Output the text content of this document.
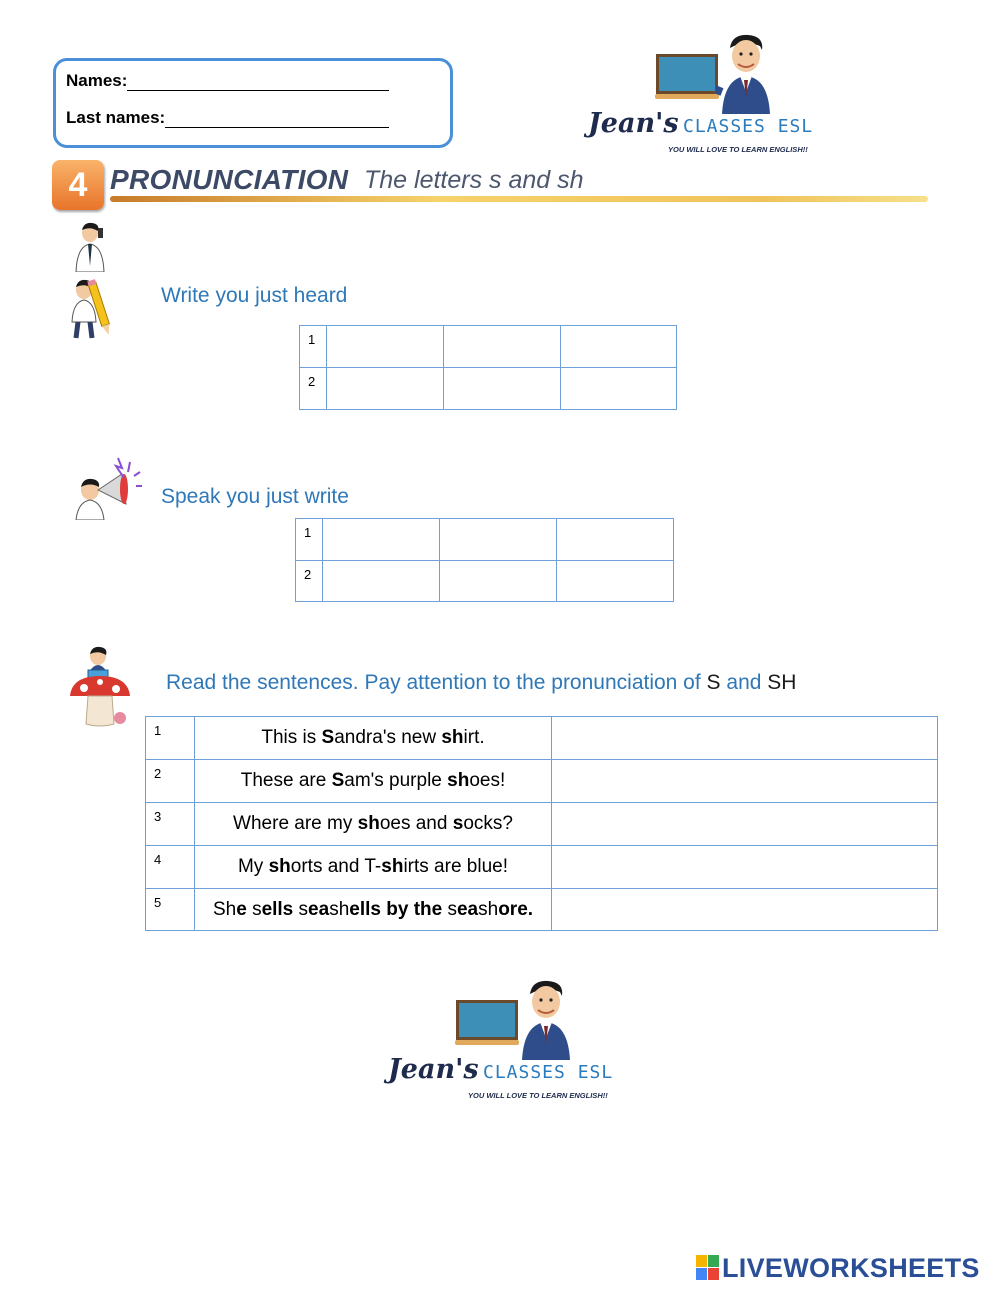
Names:
Last names:	Jean's CLASSES ESL
YOU WILL LOVE TO LEARN ENGLISH!!
4 PRONUNCIATION The letters s and sh
Write you just heard
1			
2			
Speak you just write
1			
2			
Read the sentences. Pay attention to the pronunciation of S and SH
1	This is Sandra's new shirt.	
2	These are Sam's purple shoes!	
3	Where are my shoes and socks?	
4	My shorts and T-shirts are blue!	
5	She sells seashells by the seashore.	
Jean's CLASSES ESL
YOU WILL LOVE TO LEARN ENGLISH!!
LIVEWORKSHEETS
